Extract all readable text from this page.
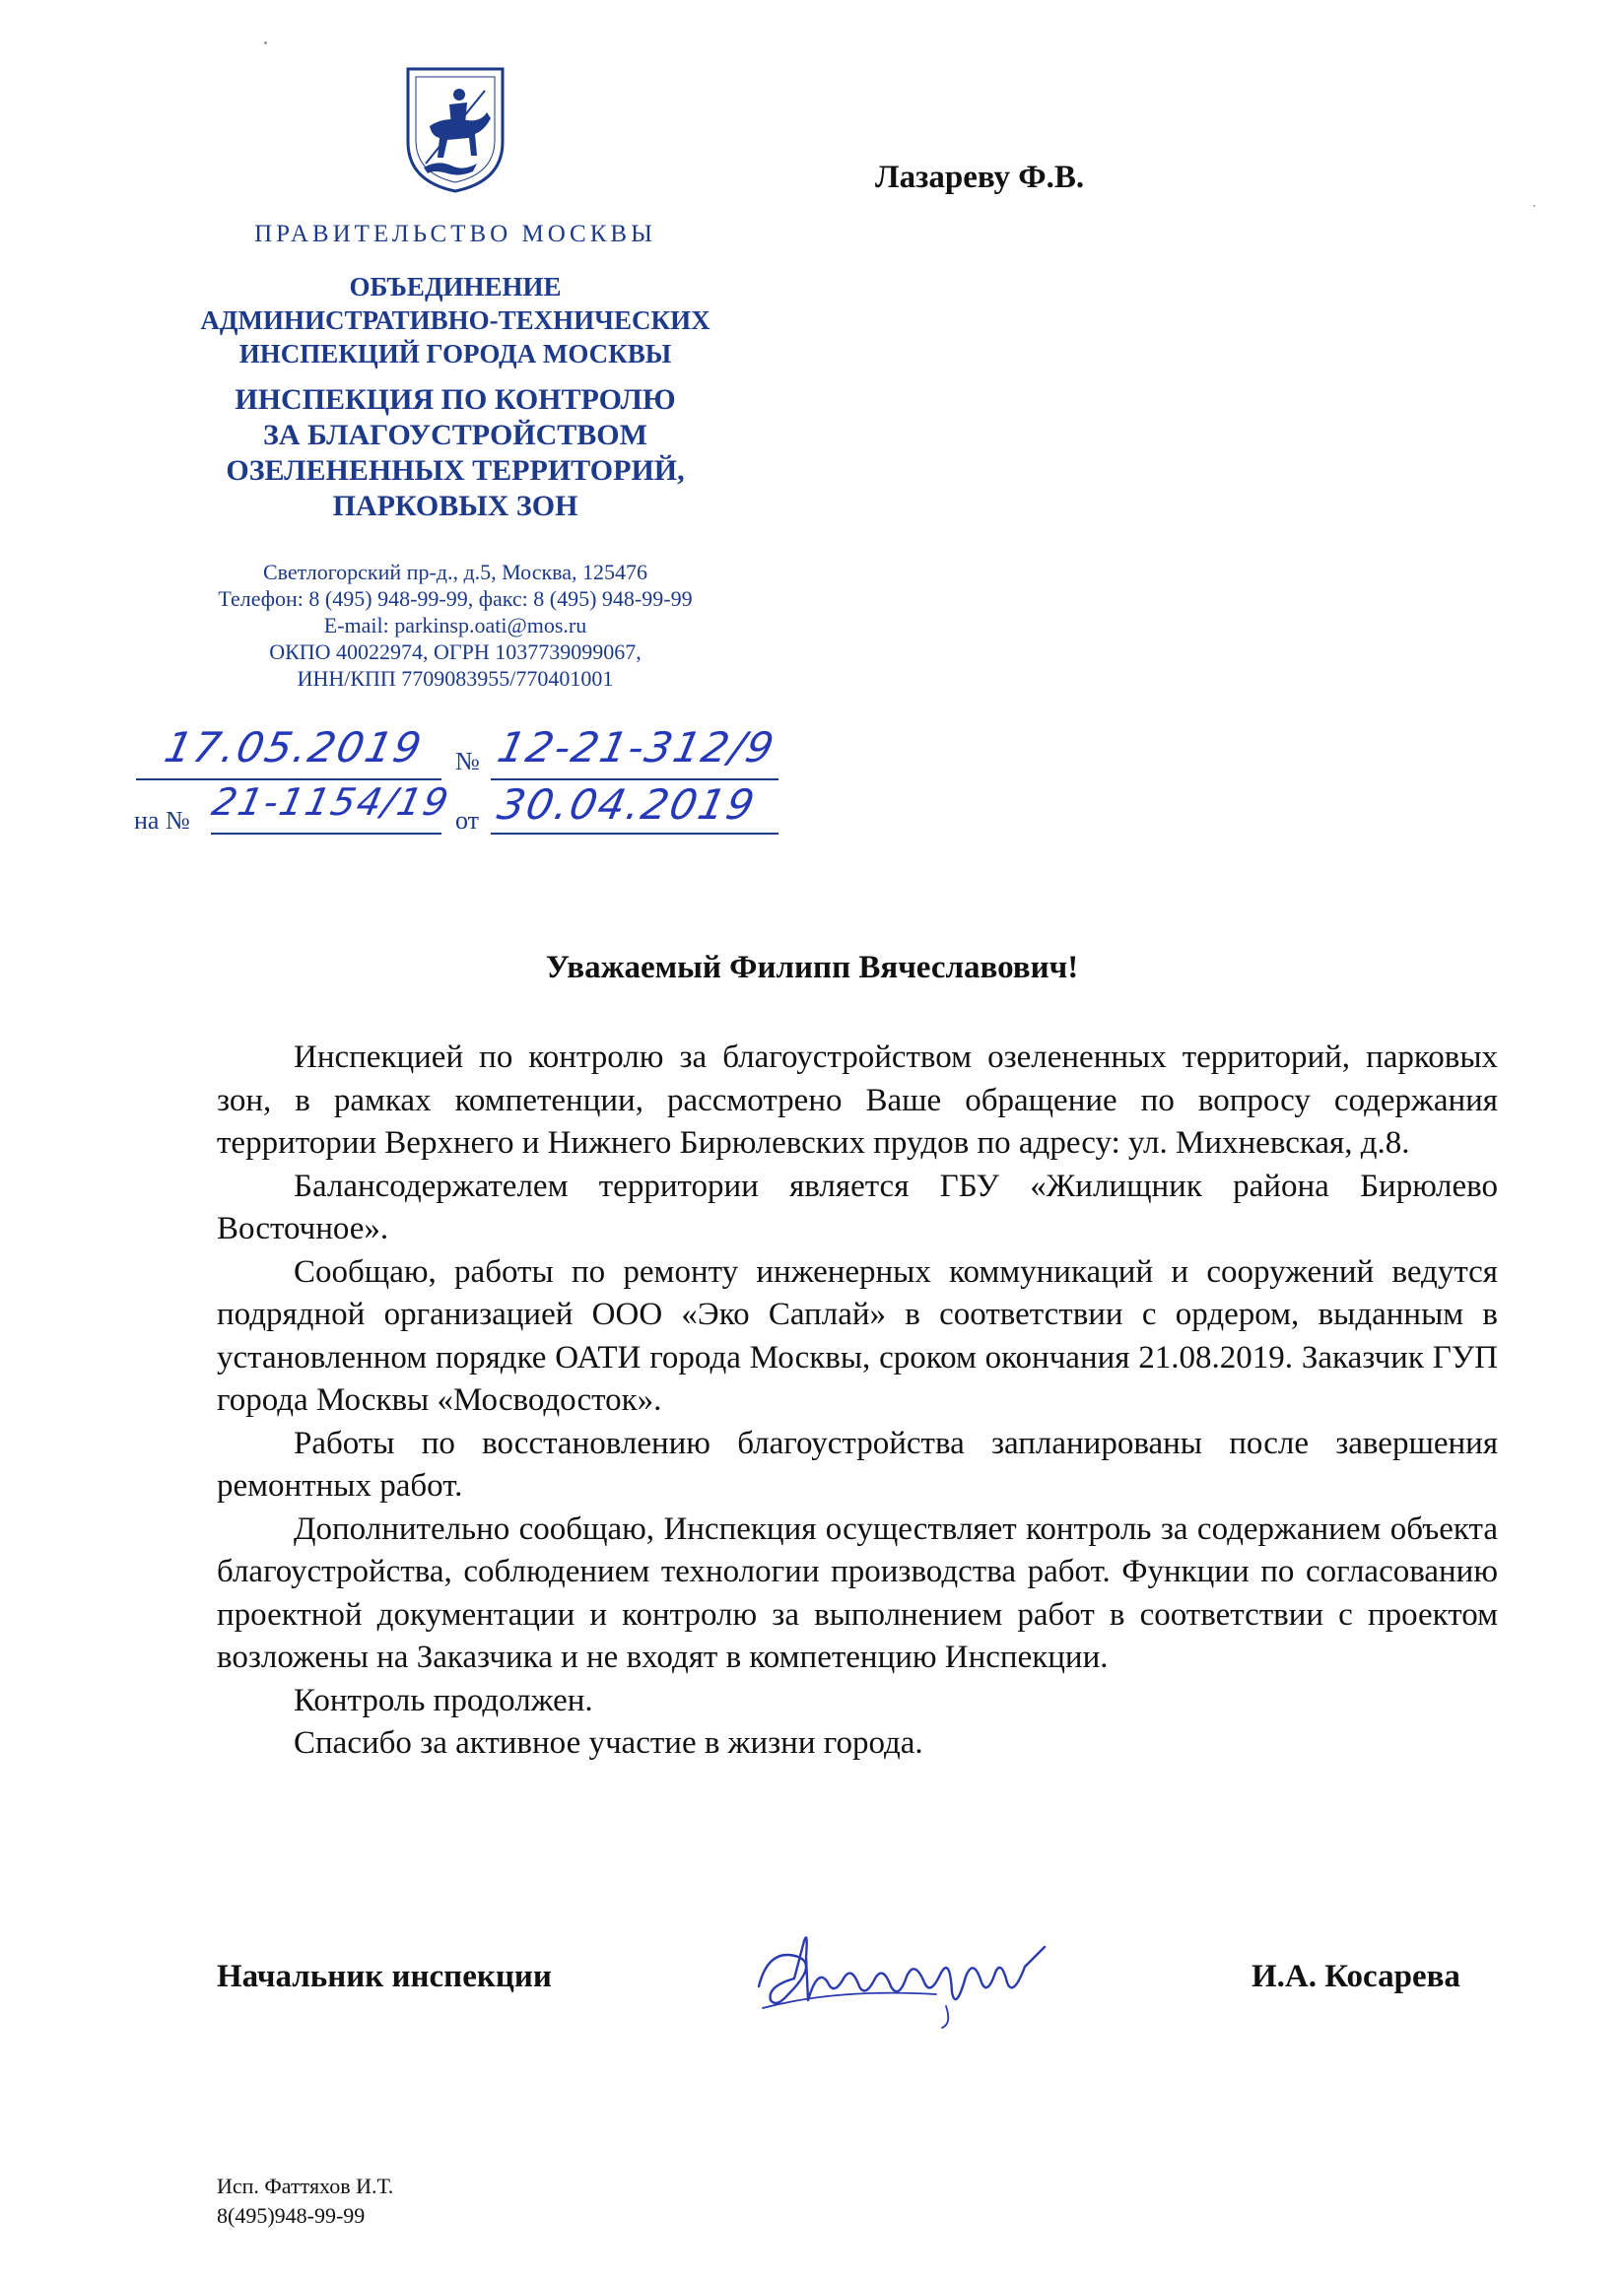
ПРАВИТЕЛЬСТВО МОСКВЫ
ОБЪЕДИНЕНИЕ
АДМИНИСТРАТИВНО-ТЕХНИЧЕСКИХ
ИНСПЕКЦИЙ ГОРОДА МОСКВЫ
ИНСПЕКЦИЯ ПО КОНТРОЛЮ
ЗА БЛАГОУСТРОЙСТВОМ
ОЗЕЛЕНЕННЫХ ТЕРРИТОРИЙ,
ПАРКОВЫХ ЗОН
Светлогорский пр-д., д.5, Москва, 125476
Телефон: 8 (495) 948-99-99, факс: 8 (495) 948-99-99
E-mail: parkinsp.oati@mos.ru
ОКПО 40022974, ОГРН 1037739099067,
ИНН/КПП 7709083955/770401001
17.05.2019 № 12-21-312/9
на № 21-1154/19 от 30.04.2019
Лазареву Ф.В.
Уважаемый Филипп Вячеславович!

Инспекцией по контролю за благоустройством озелененных территорий, парковых зон, в рамках компетенции, рассмотрено Ваше обращение по вопросу содержания территории Верхнего и Нижнего Бирюлевских прудов по адресу: ул. Михневская, д.8.

Балансодержателем территории является ГБУ «Жилищник района Бирюлево Восточное».

Сообщаю, работы по ремонту инженерных коммуникаций и сооружений ведутся подрядной организацией ООО «Эко Саплай» в соответствии с ордером, выданным в установленном порядке ОАТИ города Москвы, сроком окончания 21.08.2019. Заказчик ГУП города Москвы «Мосводосток».

Работы по восстановлению благоустройства запланированы после завершения ремонтных работ.

Дополнительно сообщаю, Инспекция осуществляет контроль за содержанием объекта благоустройства, соблюдением технологии производства работ. Функции по согласованию проектной документации и контролю за выполнением работ в соответствии с проектом возложены на Заказчика и не входят в компетенцию Инспекции.

Контроль продолжен.

Спасибо за активное участие в жизни города.

Начальник инспекции	И.А. Косарева
Исп. Фаттяхов И.Т.
8(495)948-99-99
